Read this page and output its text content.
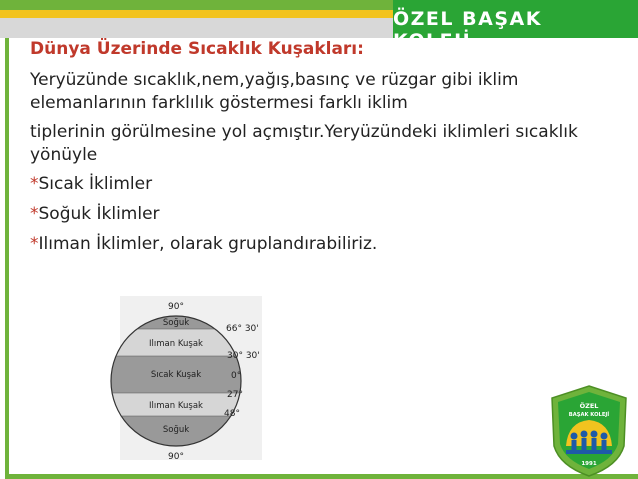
ÖZEL BAŞAK KOLEJİ

Dünya Üzerinde Sıcaklık Kuşakları:

Yeryüzünde sıcaklık,nem,yağış,basınç ve rüzgar gibi iklim elemanlarının farklılık göstermesi farklı iklim

tiplerinin görülmesine yol açmıştır.Yeryüzündeki iklimleri sıcaklık yönüyle

*Sıcak İklimler

*Soğuk İklimler

*Ilıman İklimler, olarak gruplandırabiliriz.

90°
90°
Soğuk
Ilıman Kuşak
Sıcak Kuşak
Ilıman Kuşak
Soğuk
66° 30'
30° 30'
0°
27°
48°
ÖZEL
BAŞAK KOLEJİ
1991
